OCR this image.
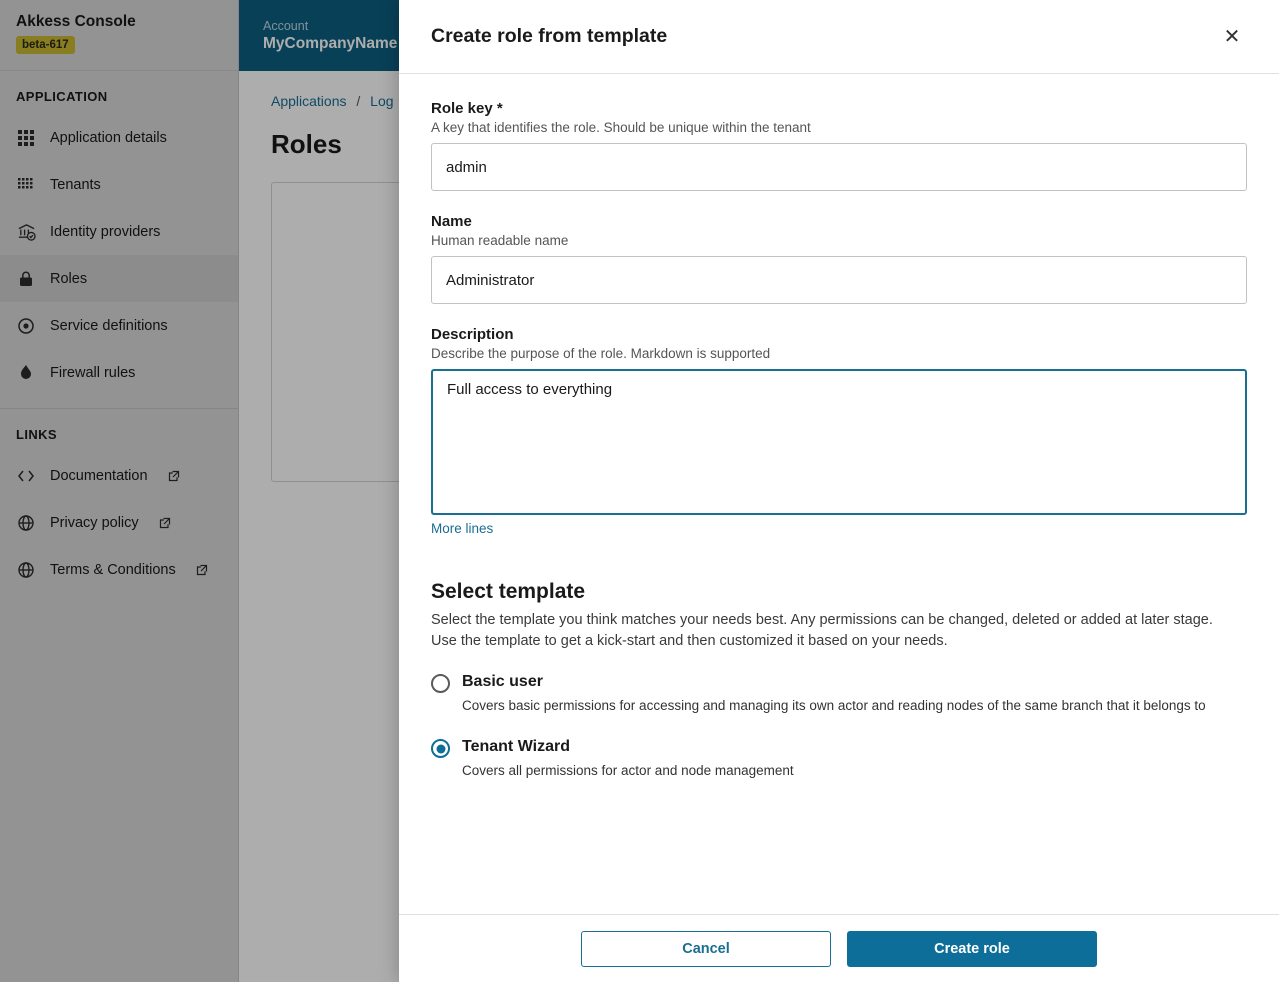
Akkess Console
beta-617
APPLICATION
Application details
Tenants
Identity providers
Roles
Service definitions
Firewall rules
LINKS
Documentation
Privacy policy
Terms & Conditions
Account
MyCompanyName
Applications / Log
Roles
Create role from template	✕
Role key *
A key that identifies the role. Should be unique within the tenant
admin
Name
Human readable name
Administrator
Description
Describe the purpose of the role. Markdown is supported
Full access to everything More lines
Select template
Select the template you think matches your needs best. Any permissions can be changed, deleted or added at later stage. Use the template to get a kick-start and then customized it based on your needs.
Basic user
Covers basic permissions for accessing and managing its own actor and reading nodes of the same branch that it belongs to
Tenant Wizard
Covers all permissions for actor and node management
Cancel	Create role
